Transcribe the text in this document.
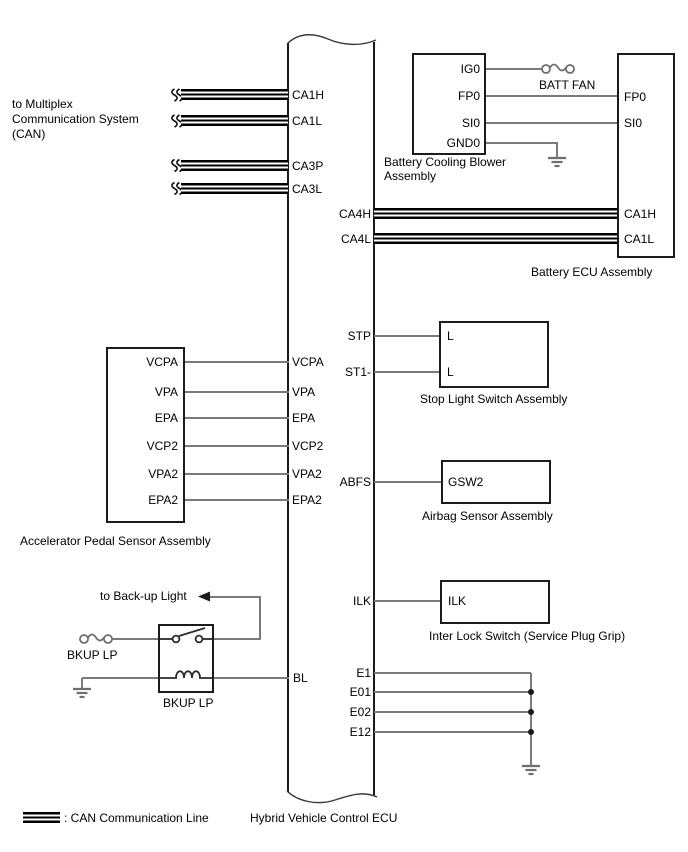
to Multiplex
Communication System
(CAN)
to Back-up Light
CA1H
CA1L
CA3P
CA3L
VCPA
VPA
EPA
VCP2
VPA2
EPA2
BL
CA4H
CA4L
STP
ST1-
ABFS
ILK
E1
E01
E02
E12
IG0
FP0
SI0
GND0
Battery Cooling Blower
Assembly
BATT FAN
FP0
SI0
CA1H
CA1L
Battery ECU Assembly
L
L
Stop Light Switch Assembly
GSW2
Airbag Sensor Assembly
ILK
Inter Lock Switch (Service Plug Grip)
VCPA
VPA
EPA
VCP2
VPA2
EPA2
Accelerator Pedal Sensor Assembly
BKUP LP
BKUP LP
Hybrid Vehicle Control ECU
: CAN Communication Line
